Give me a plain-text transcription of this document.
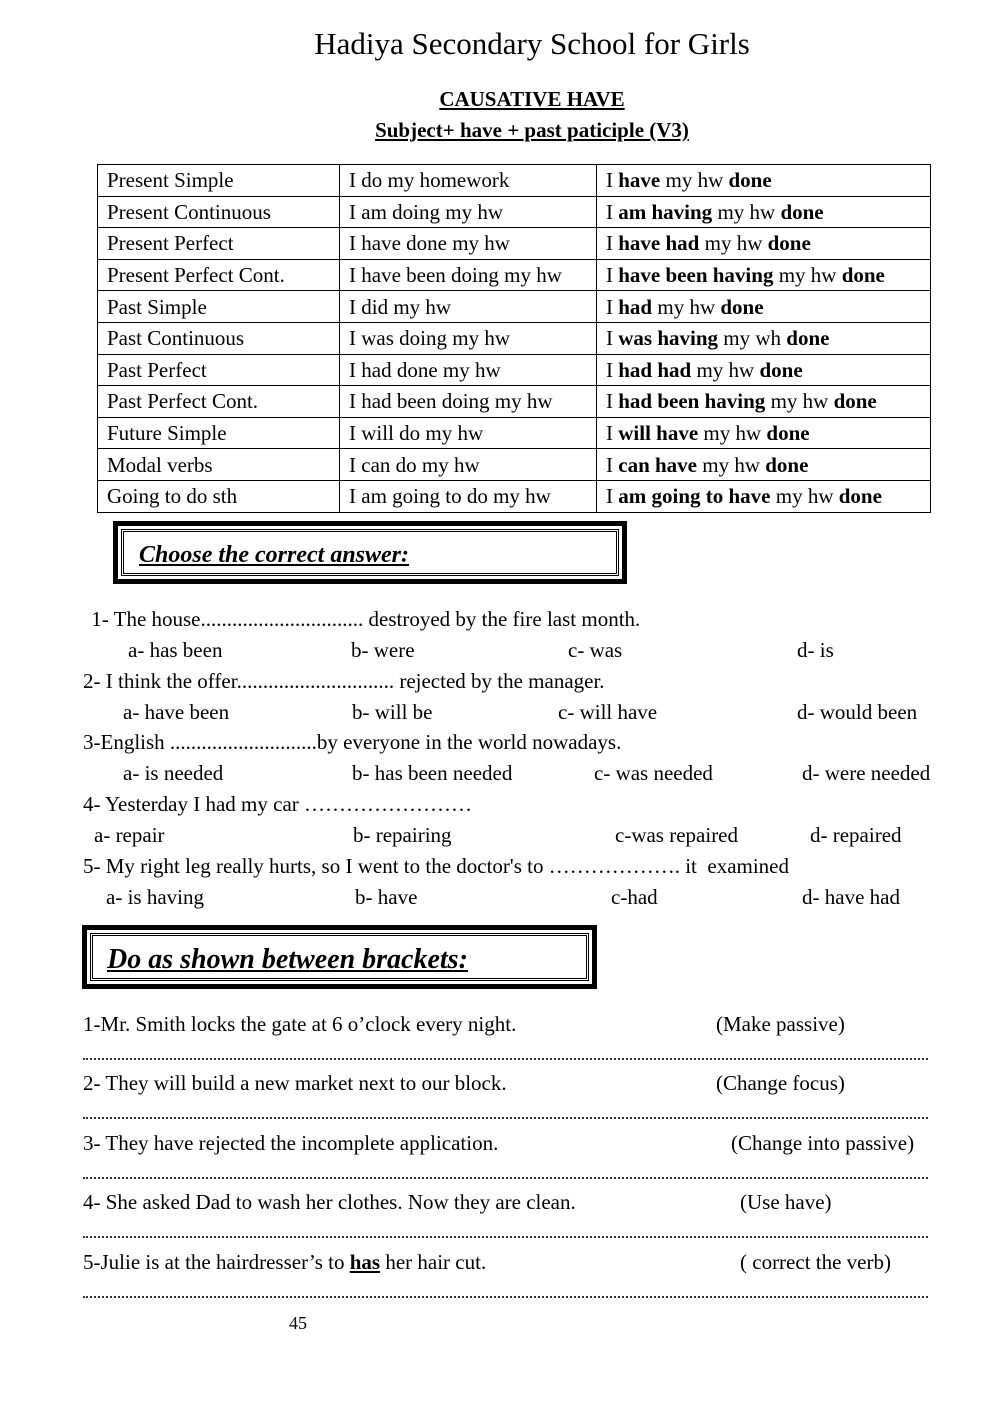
Hadiya Secondary School for Girls
CAUSATIVE HAVE
Subject+ have + past paticiple (V3)
Present Simple	I do my homework	I have my hw done
Present Continuous	I am doing my hw	I am having my hw done
Present Perfect	I have done my hw	I have had my hw done
Present Perfect Cont.	I have been doing my hw	I have been having my hw done
Past Simple	I did my hw	I had my hw done
Past Continuous	I was doing my hw	I was having my wh done
Past Perfect	I had done my hw	I had had my hw done
Past Perfect Cont.	I had been doing my hw	I had been having my hw done
Future Simple	I will do my hw	I will have my hw done
Modal verbs	I can do my hw	I can have my hw done
Going to do sth	I am going to do my hw	I am going to have my hw done
Choose the correct answer:
1- The house............................... destroyed by the fire last month.
a- has been	b- were	c- was	d- is
2- I think the offer.............................. rejected by the manager.
a- have been	b- will be	c- will have	d- would been
3-English ............................by everyone in the world nowadays.
a- is needed	b- has been needed	c- was needed	d- were needed
4- Yesterday I had my car ……………………
a- repair	b- repairing	c-was repaired	d- repaired
5- My right leg really hurts, so I went to the doctor's to ………………. it  examined
a- is having	b- have	c-had	d- have had
Do as shown between brackets:
1-Mr. Smith locks the gate at 6 o’clock every night.	(Make passive)
2- They will build a new market next to our block.	(Change focus)
3- They have rejected the incomplete application.	(Change into passive)
4- She asked Dad to wash her clothes. Now they are clean.	(Use have)
5-Julie is at the hairdresser’s to has her hair cut.	( correct the verb)
45
